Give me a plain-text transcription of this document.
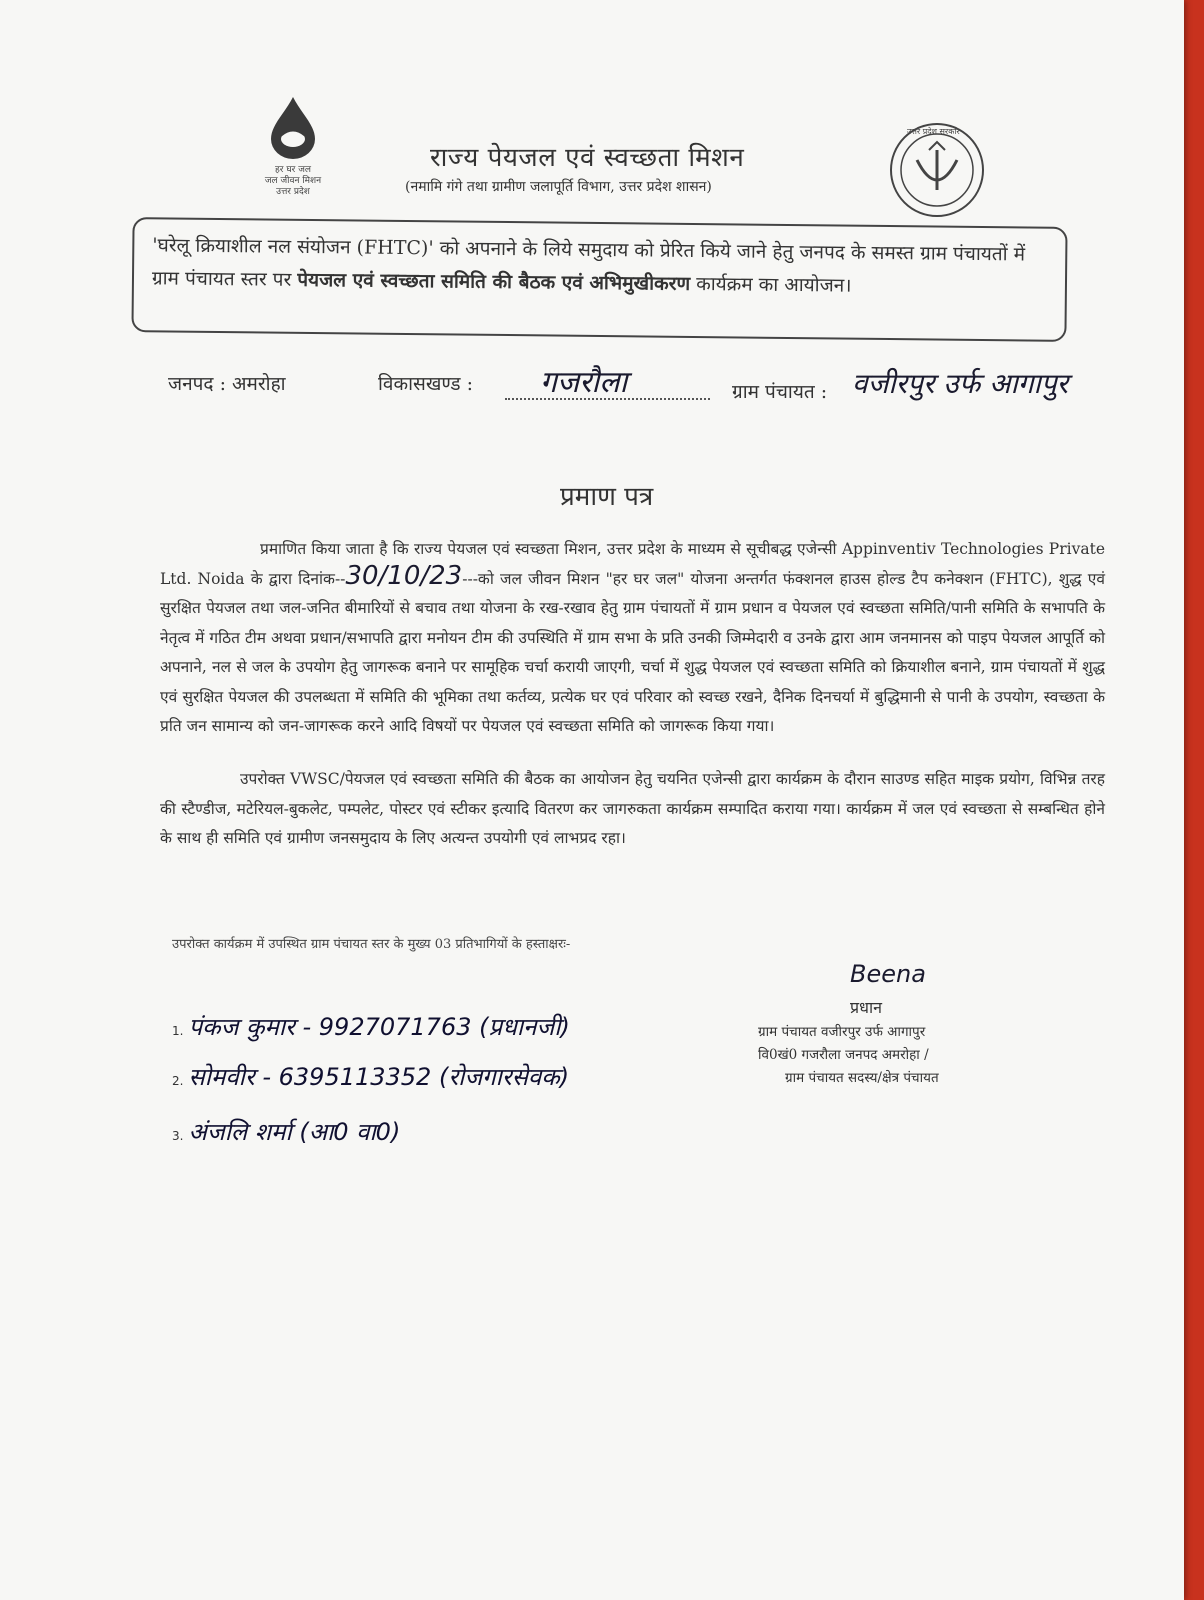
हर घर जल
जल जीवन मिशन
उत्तर प्रदेश
राज्य पेयजल एवं स्वच्छता मिशन
(नमामि गंगे तथा ग्रामीण जलापूर्ति विभाग, उत्तर प्रदेश शासन)
उत्तर प्रदेश सरकार
'घरेलू क्रियाशील नल संयोजन (FHTC)' को अपनाने के लिये समुदाय को प्रेरित किये जाने हेतु जनपद के समस्त ग्राम पंचायतों में ग्राम पंचायत स्तर पर पेयजल एवं स्वच्छता समिति की बैठक एवं अभिमुखीकरण कार्यक्रम का आयोजन।
जनपद : अमरोहा	विकासखण्ड : गजरौला	ग्राम पंचायत : वजीरपुर उर्फ आगापुर
प्रमाण पत्र
प्रमाणित किया जाता है कि राज्य पेयजल एवं स्वच्छता मिशन, उत्तर प्रदेश के माध्यम से सूचीबद्ध एजेन्सी Appinventiv Technologies Private Ltd. Noida के द्वारा दिनांक--30/10/23---को जल जीवन मिशन "हर घर जल" योजना अन्तर्गत फंक्शनल हाउस होल्ड टैप कनेक्शन (FHTC), शुद्ध एवं सुरक्षित पेयजल तथा जल-जनित बीमारियों से बचाव तथा योजना के रख-रखाव हेतु ग्राम पंचायतों में ग्राम प्रधान व पेयजल एवं स्वच्छता समिति/पानी समिति के सभापति के नेतृत्व में गठित टीम अथवा प्रधान/सभापति द्वारा मनोयन टीम की उपस्थिति में ग्राम सभा के प्रति उनकी जिम्मेदारी व उनके द्वारा आम जनमानस को पाइप पेयजल आपूर्ति को अपनाने, नल से जल के उपयोग हेतु जागरूक बनाने पर सामूहिक चर्चा करायी जाएगी, चर्चा में शुद्ध पेयजल एवं स्वच्छता समिति को क्रियाशील बनाने, ग्राम पंचायतों में शुद्ध एवं सुरक्षित पेयजल की उपलब्धता में समिति की भूमिका तथा कर्तव्य, प्रत्येक घर एवं परिवार को स्वच्छ रखने, दैनिक दिनचर्या में बुद्धिमानी से पानी के उपयोग, स्वच्छता के प्रति जन सामान्य को जन-जागरूक करने आदि विषयों पर पेयजल एवं स्वच्छता समिति को जागरूक किया गया।
उपरोक्त VWSC/पेयजल एवं स्वच्छता समिति की बैठक का आयोजन हेतु चयनित एजेन्सी द्वारा कार्यक्रम के दौरान साउण्ड सहित माइक प्रयोग, विभिन्न तरह की स्टैण्डीज, मटेरियल-बुकलेट, पम्पलेट, पोस्टर एवं स्टीकर इत्यादि वितरण कर जागरुकता कार्यक्रम सम्पादित कराया गया। कार्यक्रम में जल एवं स्वच्छता से सम्बन्धित होने के साथ ही समिति एवं ग्रामीण जनसमुदाय के लिए अत्यन्त उपयोगी एवं लाभप्रद रहा।
उपरोक्त कार्यक्रम में उपस्थित ग्राम पंचायत स्तर के मुख्य 03 प्रतिभागियों के हस्ताक्षरः-
1. पंकज कुमार - 9927071763 (प्रधानजी)
2. सोमवीर - 6395113352 (रोजगारसेवक)
3. अंजलि शर्मा (आ0 वा0)
Beena
प्रधान
ग्राम पंचायत वजीरपुर उर्फ आगापुर
वि0खं0 गजरौला जनपद अमरोहा /
ग्राम पंचायत सदस्य/क्षेत्र पंचायत
